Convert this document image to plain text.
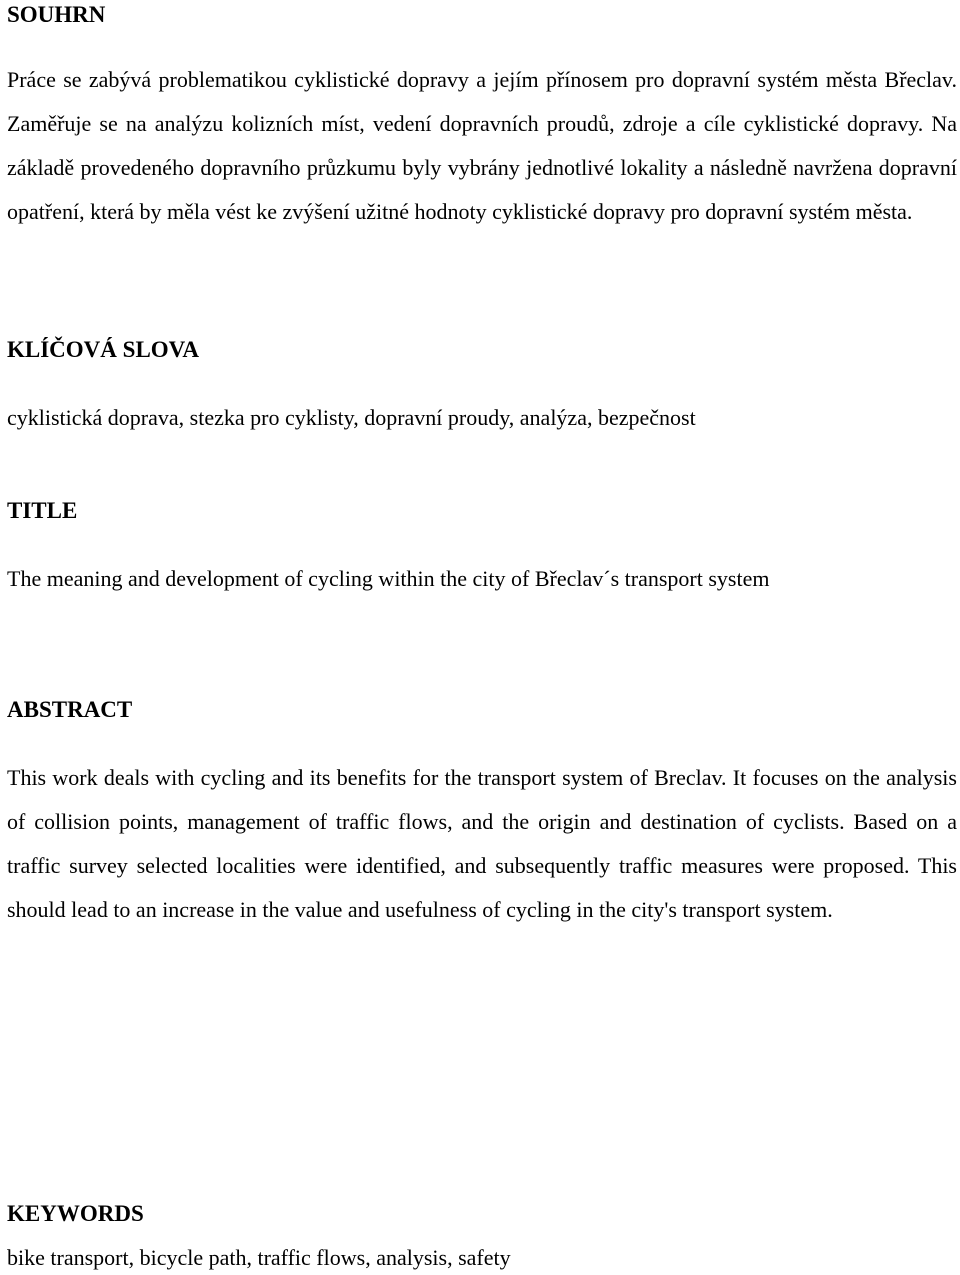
SOUHRN

Práce se zabývá problematikou cyklistické dopravy a jejím přínosem pro dopravní systém města Břeclav. Zaměřuje se na analýzu kolizních míst, vedení dopravních proudů, zdroje a cíle cyklistické dopravy. Na základě provedeného dopravního průzkumu byly vybrány jednotlivé lokality a následně navržena dopravní opatření, která by měla vést ke zvýšení užitné hodnoty cyklistické dopravy pro dopravní systém města.

KLÍČOVÁ SLOVA

cyklistická doprava, stezka pro cyklisty, dopravní proudy, analýza, bezpečnost

TITLE

The meaning and development of cycling within the city of Břeclav´s transport system

ABSTRACT

This work deals with cycling and its benefits for the transport system of Breclav. It focuses on the analysis of collision points, management of traffic flows, and the origin and destination of cyclists. Based on a traffic survey selected localities were identified, and subsequently traffic measures were proposed. This should lead to an increase in the value and usefulness of cycling in the city's transport system.

KEYWORDS

bike transport, bicycle path, traffic flows, analysis, safety
